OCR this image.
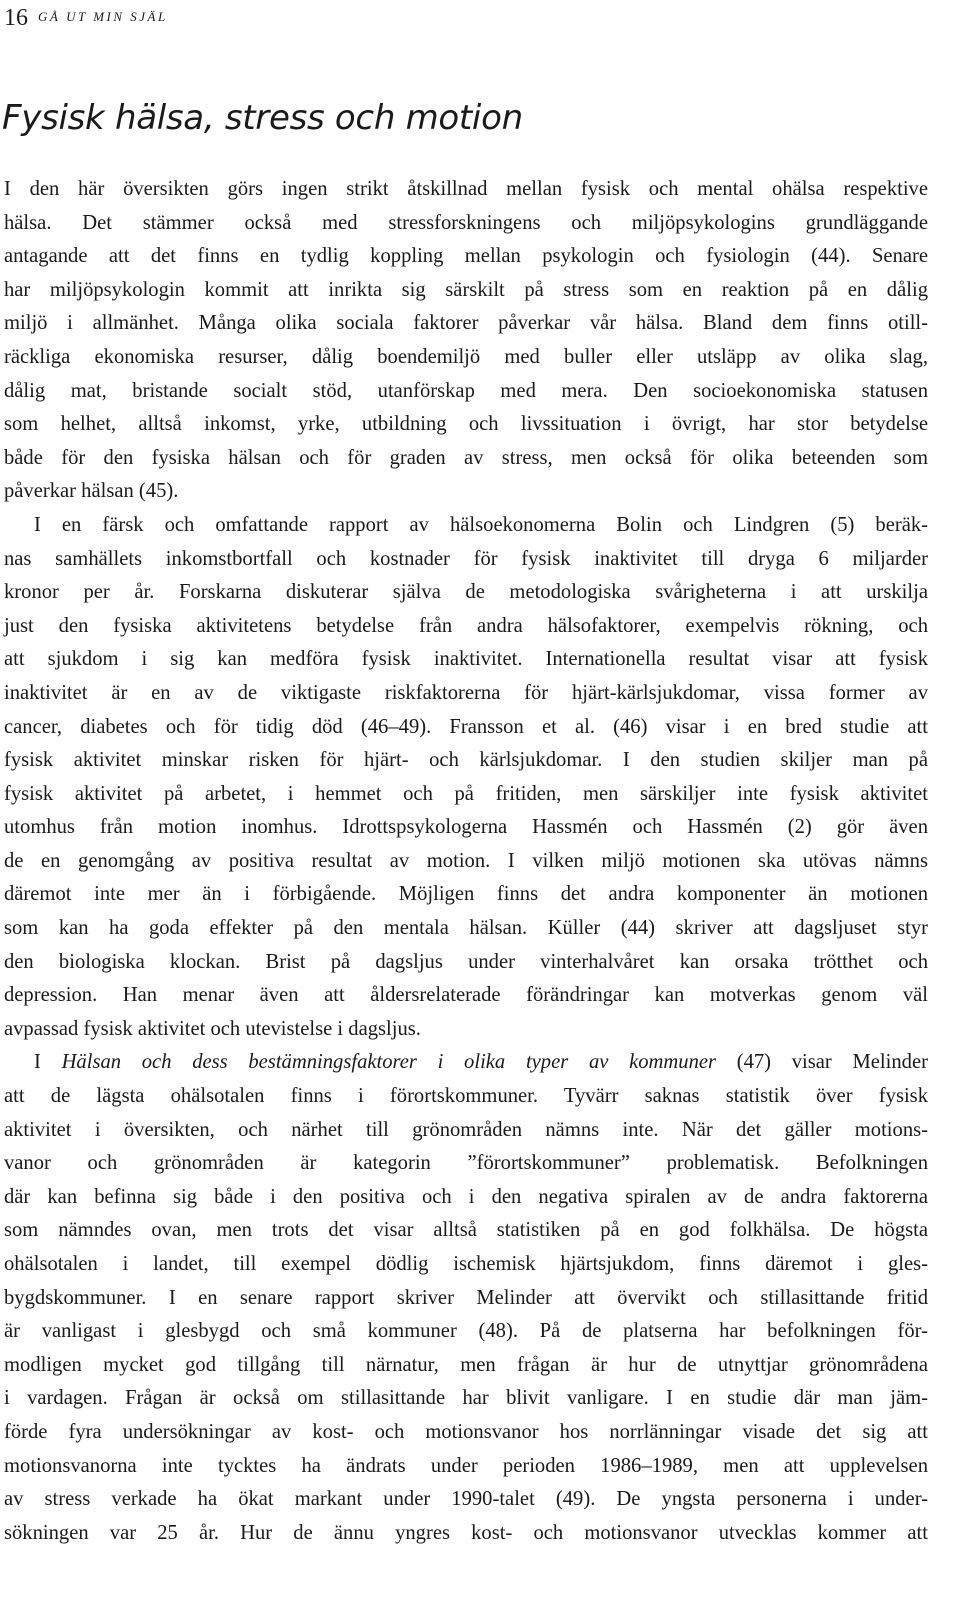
16 GÅ UT MIN SJÄL
Fysisk hälsa, stress och motion
I den här översikten görs ingen strikt åtskillnad mellan fysisk och mental ohälsa respektive
hälsa. Det stämmer också med stressforskningens och miljöpsykologins grundläggande
antagande att det finns en tydlig koppling mellan psykologin och fysiologin (44). Senare
har miljöpsykologin kommit att inrikta sig särskilt på stress som en reaktion på en dålig
miljö i allmänhet. Många olika sociala faktorer påverkar vår hälsa. Bland dem finns otill-
räckliga ekonomiska resurser, dålig boendemiljö med buller eller utsläpp av olika slag,
dålig mat, bristande socialt stöd, utanförskap med mera. Den socioekonomiska statusen
som helhet, alltså inkomst, yrke, utbildning och livssituation i övrigt, har stor betydelse
både för den fysiska hälsan och för graden av stress, men också för olika beteenden som
påverkar hälsan (45).
I en färsk och omfattande rapport av hälsoekonomerna Bolin och Lindgren (5) beräk-
nas samhällets inkomstbortfall och kostnader för fysisk inaktivitet till dryga 6 miljarder
kronor per år. Forskarna diskuterar själva de metodologiska svårigheterna i att urskilja
just den fysiska aktivitetens betydelse från andra hälsofaktorer, exempelvis rökning, och
att sjukdom i sig kan medföra fysisk inaktivitet. Internationella resultat visar att fysisk
inaktivitet är en av de viktigaste riskfaktorerna för hjärt-kärlsjukdomar, vissa former av
cancer, diabetes och för tidig död (46–49). Fransson et al. (46) visar i en bred studie att
fysisk aktivitet minskar risken för hjärt- och kärlsjukdomar. I den studien skiljer man på
fysisk aktivitet på arbetet, i hemmet och på fritiden, men särskiljer inte fysisk aktivitet
utomhus från motion inomhus. Idrottspsykologerna Hassmén och Hassmén (2) gör även
de en genomgång av positiva resultat av motion. I vilken miljö motionen ska utövas nämns
däremot inte mer än i förbigående. Möjligen finns det andra komponenter än motionen
som kan ha goda effekter på den mentala hälsan. Küller (44) skriver att dagsljuset styr
den biologiska klockan. Brist på dagsljus under vinterhalvåret kan orsaka trötthet och
depression. Han menar även att åldersrelaterade förändringar kan motverkas genom väl
avpassad fysisk aktivitet och utevistelse i dagsljus.
I Hälsan och dess bestämningsfaktorer i olika typer av kommuner (47) visar Melinder
att de lägsta ohälsotalen finns i förortskommuner. Tyvärr saknas statistik över fysisk
aktivitet i översikten, och närhet till grönområden nämns inte. När det gäller motions-
vanor och grönområden är kategorin ”förortskommuner” problematisk. Befolkningen
där kan befinna sig både i den positiva och i den negativa spiralen av de andra faktorerna
som nämndes ovan, men trots det visar alltså statistiken på en god folkhälsa. De högsta
ohälsotalen i landet, till exempel dödlig ischemisk hjärtsjukdom, finns däremot i gles-
bygdskommuner. I en senare rapport skriver Melinder att övervikt och stillasittande fritid
är vanligast i glesbygd och små kommuner (48). På de platserna har befolkningen för-
modligen mycket god tillgång till närnatur, men frågan är hur de utnyttjar grönområdena
i vardagen. Frågan är också om stillasittande har blivit vanligare. I en studie där man jäm-
förde fyra undersökningar av kost- och motionsvanor hos norrlänningar visade det sig att
motionsvanorna inte tycktes ha ändrats under perioden 1986–1989, men att upplevelsen
av stress verkade ha ökat markant under 1990-talet (49). De yngsta personerna i under-
sökningen var 25 år. Hur de ännu yngres kost- och motionsvanor utvecklas kommer att
